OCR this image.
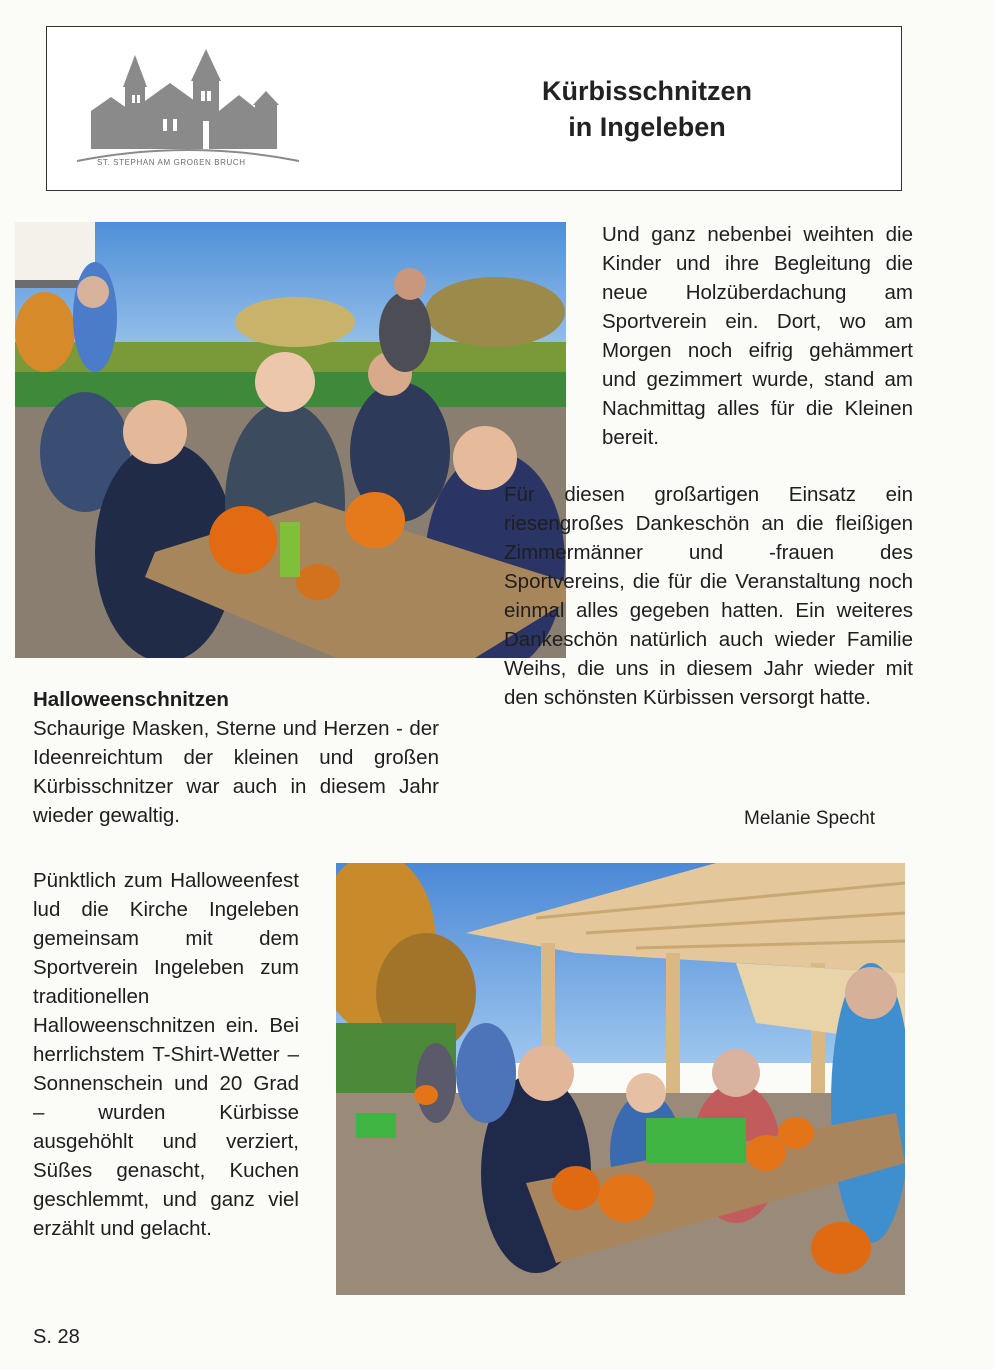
ST. STEPHAN AM GROßEN BRUCH
Kürbisschnitzen
in Ingeleben

Halloweenschnitzen

Schaurige Masken, Sterne und Herzen - der Ideenreichtum der kleinen und großen Kürbisschnitzer war auch in diesem Jahr wieder gewaltig.

Pünktlich zum Halloweenfest lud die Kirche Ingeleben gemeinsam mit dem Sportverein Ingeleben zum traditionellen Halloweenschnitzen ein. Bei herrlichstem T-Shirt-Wetter – Sonnenschein und 20 Grad – wurden Kürbisse ausgehöhlt und verziert, Süßes genascht, Kuchen geschlemmt, und ganz viel erzählt und gelacht.

Und ganz nebenbei weihten die Kinder und ihre Begleitung die neue Holzüberdachung am Sportverein ein. Dort, wo am Morgen noch eifrig gehämmert und gezimmert wurde, stand am Nachmittag alles für die Kleinen bereit.

Für diesen großartigen Einsatz ein riesengroßes Dankeschön an die fleißigen Zimmermänner und -frauen des Sportvereins, die für die Veranstaltung noch einmal alles gegeben hatten. Ein weiteres Dankeschön natürlich auch wieder Familie Weihs, die uns in diesem Jahr wieder mit den schönsten Kürbissen versorgt hatte.

Melanie Specht
S. 28
